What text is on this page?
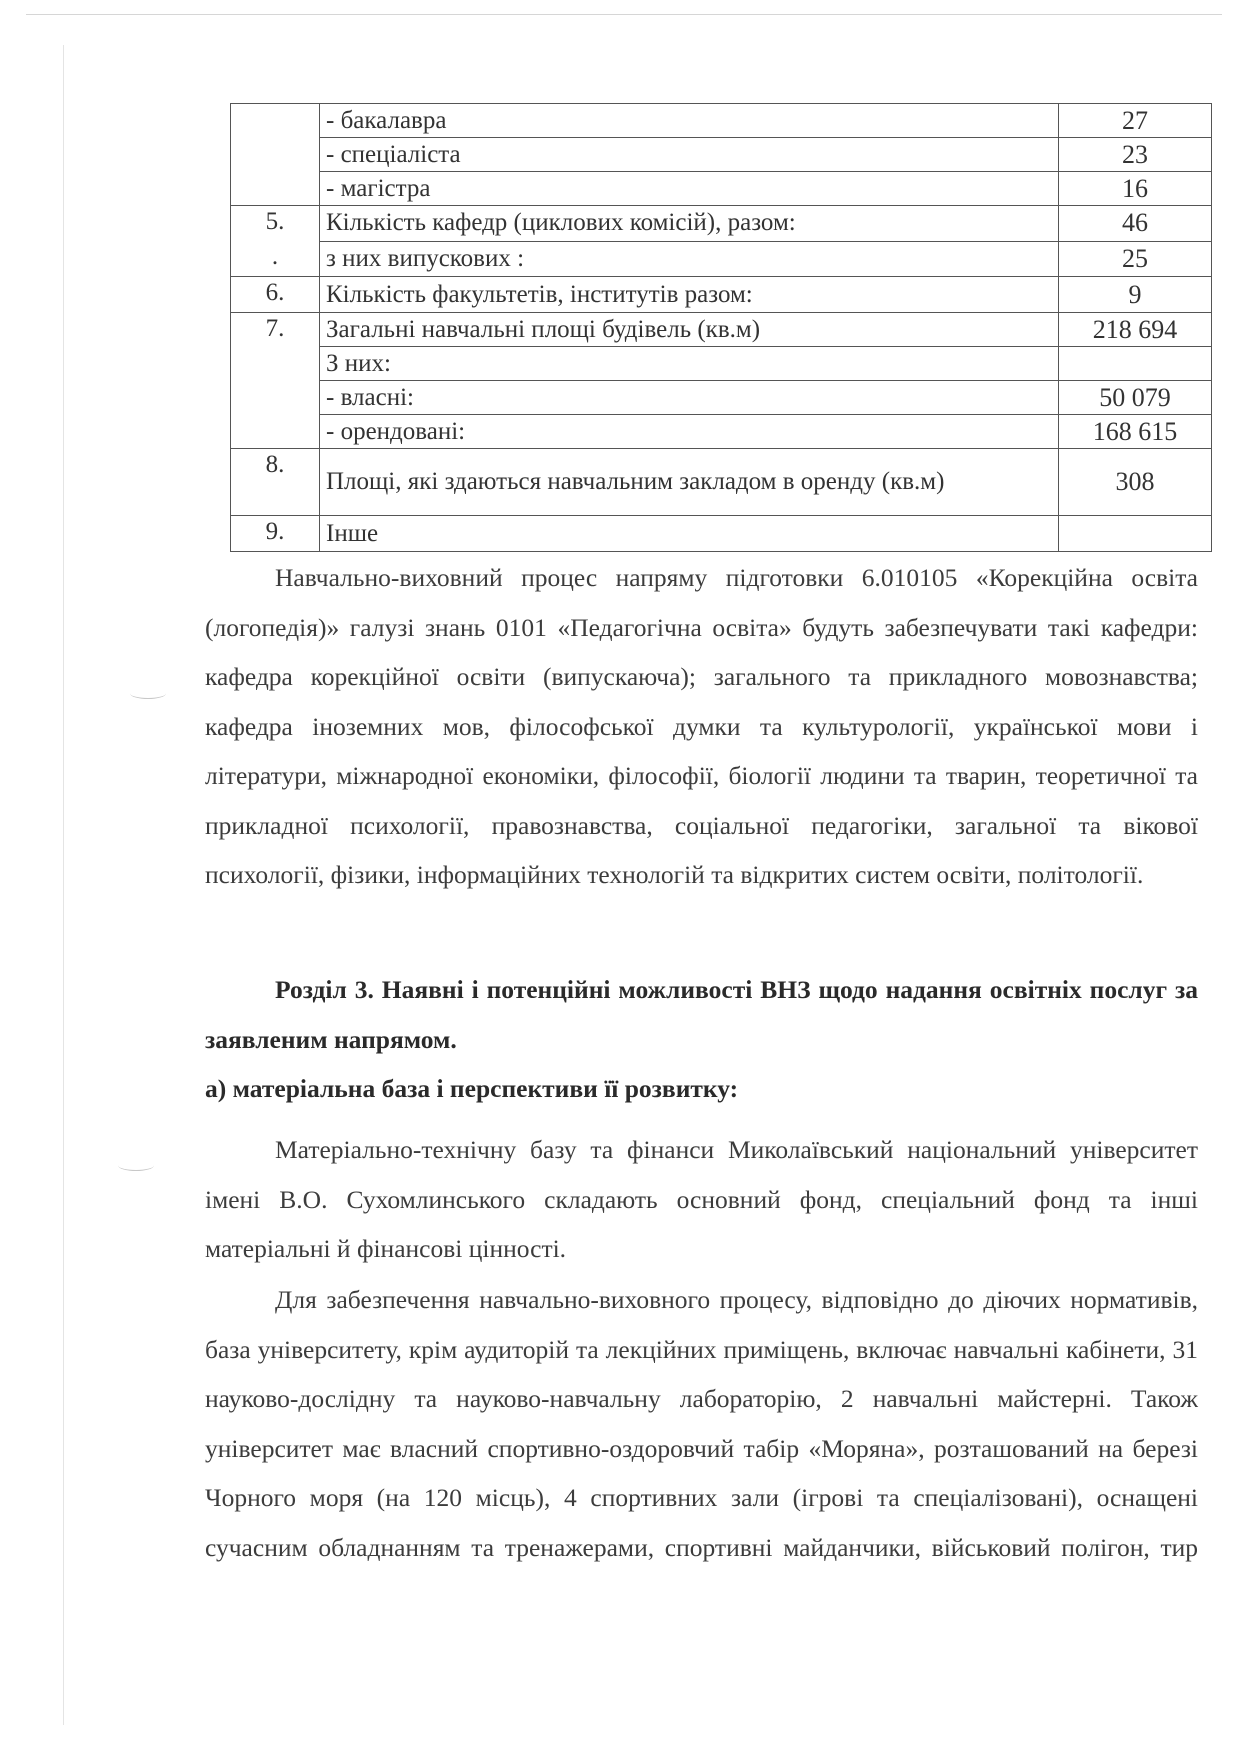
	- бакалавра	27
	- спеціаліста	23
	- магістра	16
5.	Кількість кафедр (циклових комісій), разом:	46
.	з них випускових :	25
6.	Кількість факультетів, інститутів разом:	9
7.	Загальні навчальні площі будівель (кв.м)	218 694
	З них:	
	- власні:	50 079
	- орендовані:	168 615
8.	Площі, які здаються навчальним закладом в оренду (кв.м)	308
9.	Інше	

Навчально-виховний процес напряму підготовки 6.010105 «Корекційна освіта (логопедія)» галузі знань 0101 «Педагогічна освіта» будуть забезпечувати такі кафедри: кафедра корекційної освіти (випускаюча); загального та прикладного мовознавства; кафедра іноземних мов, філософської думки та культурології, української мови і літератури, міжнародної економіки, філософії, біології людини та тварин, теоретичної та прикладної психології, правознавства, соціальної педагогіки, загальної та вікової психології, фізики, інформаційних технологій та відкритих систем освіти, політології.

Розділ 3. Наявні і потенційні можливості ВНЗ щодо надання освітніх послуг за заявленим напрямом.

а) матеріальна база і перспективи її розвитку:

Матеріально-технічну базу та фінанси Миколаївський національний університет імені В.О. Сухомлинського складають основний фонд, спеціальний фонд та інші матеріальні й фінансові цінності.

Для забезпечення навчально-виховного процесу, відповідно до діючих нормативів, база університету, крім аудиторій та лекційних приміщень, включає навчальні кабінети, 31 науково-дослідну та науково-навчальну лабораторію, 2 навчальні майстерні. Також університет має власний спортивно-оздоровчий табір «Моряна», розташований на березі Чорного моря (на 120 місць), 4 спортивних зали (ігрові та спеціалізовані), оснащені сучасним обладнанням та тренажерами, спортивні майданчики, військовий полігон, тир
